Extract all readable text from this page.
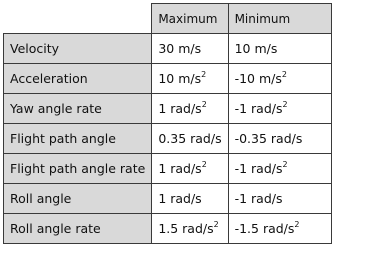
	Maximum	Minimum
Velocity	30 m/s	10 m/s
Acceleration	10 $m/s^2$	-10 $m/s^2$
Yaw angle rate	1 rad/$s^2$	-1 rad/$s^2$
Flight path angle	0.35 rad/s	-0.35 rad/s
Flight path angle rate	1 rad/$s^2$	-1 rad/$s^2$
Roll angle	1 rad/s	-1 rad/s
Roll angle rate	1.5 rad/$s^2$	-1.5 rad/$s^2$
